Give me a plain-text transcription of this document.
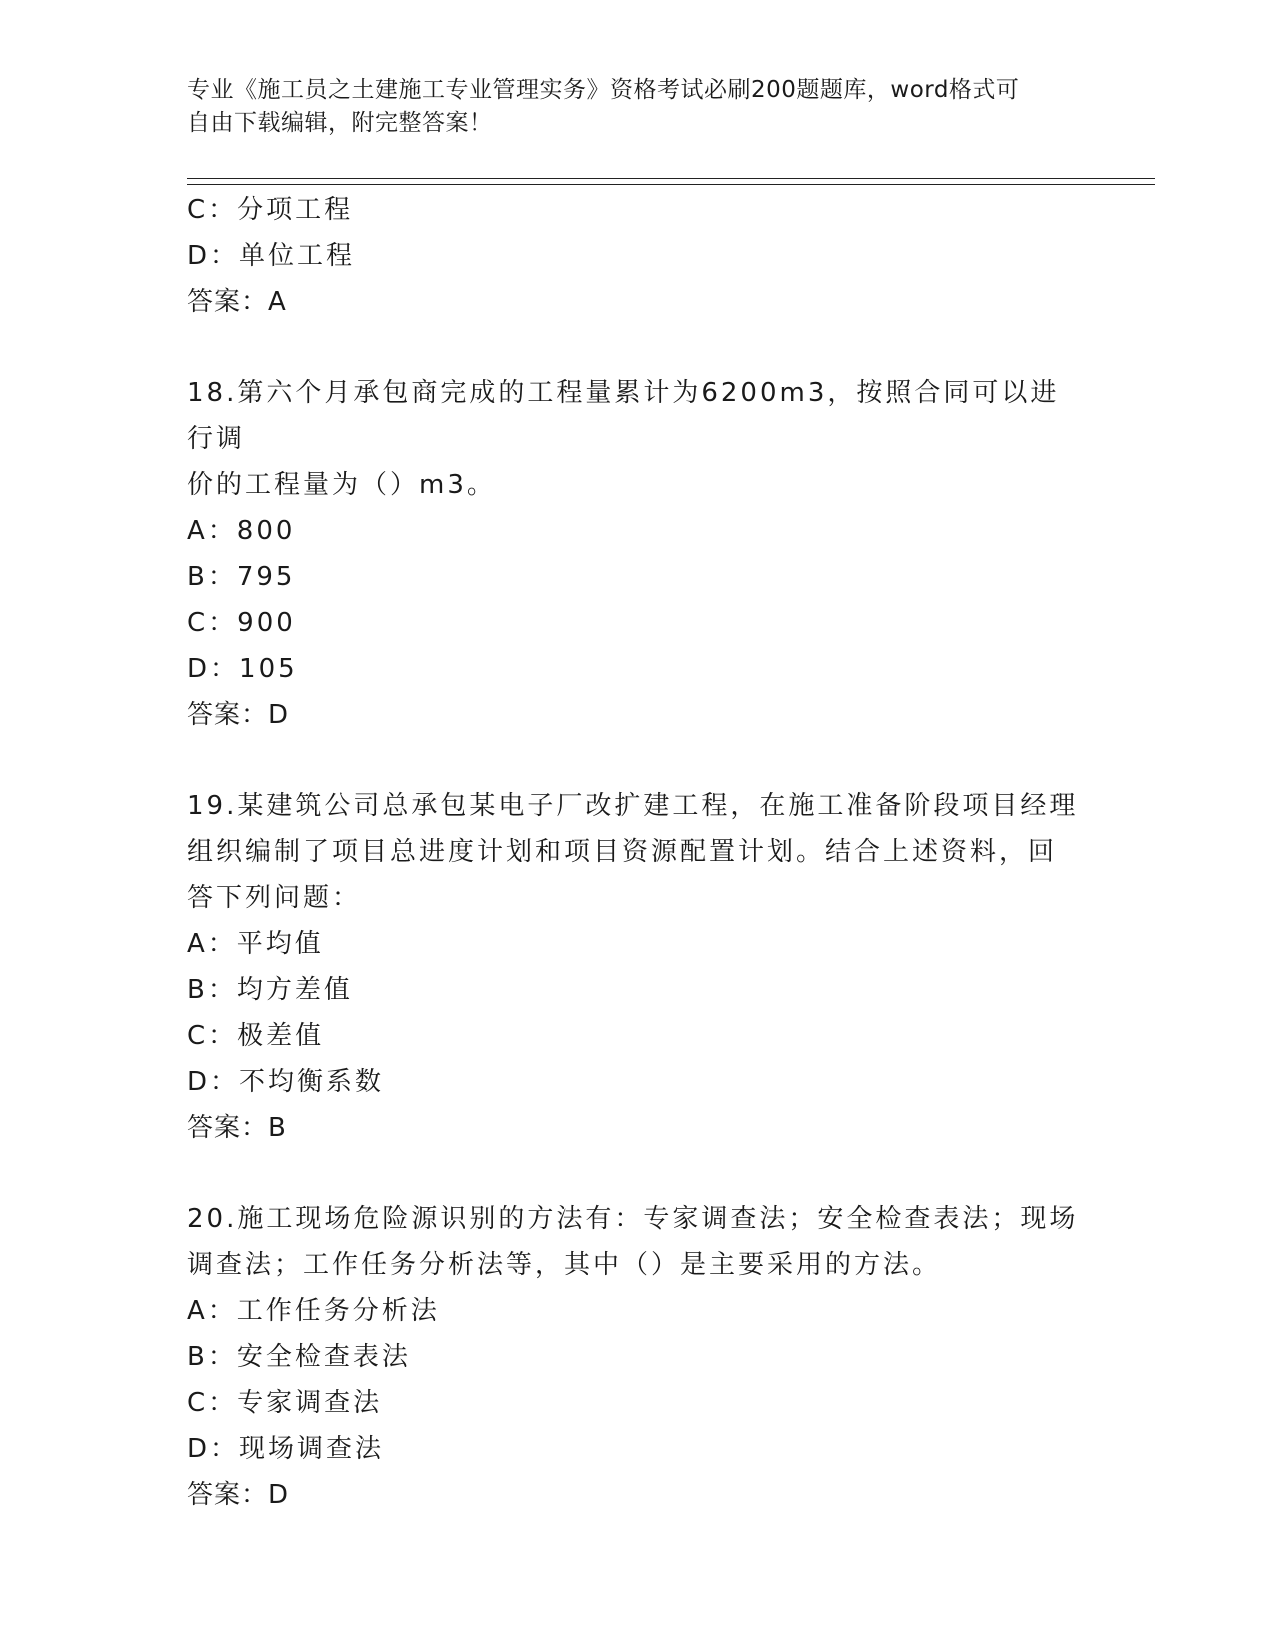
专业《施工员之土建施工专业管理实务》资格考试必刷200题题库，word格式可
自由下载编辑，附完整答案！
C：分项工程
D：单位工程
答案：A
18.第六个月承包商完成的工程量累计为6200m3，按照合同可以进行调
价的工程量为（）m3。
A：800
B：795
C：900
D：105
答案：D
19.某建筑公司总承包某电子厂改扩建工程，在施工准备阶段项目经理
组织编制了项目总进度计划和项目资源配置计划。结合上述资料，回
答下列问题：
A：平均值
B：均方差值
C：极差值
D：不均衡系数
答案：B
20.施工现场危险源识别的方法有：专家调查法；安全检查表法；现场
调查法；工作任务分析法等，其中（）是主要采用的方法。
A：工作任务分析法
B：安全检查表法
C：专家调查法
D：现场调查法
答案：D
